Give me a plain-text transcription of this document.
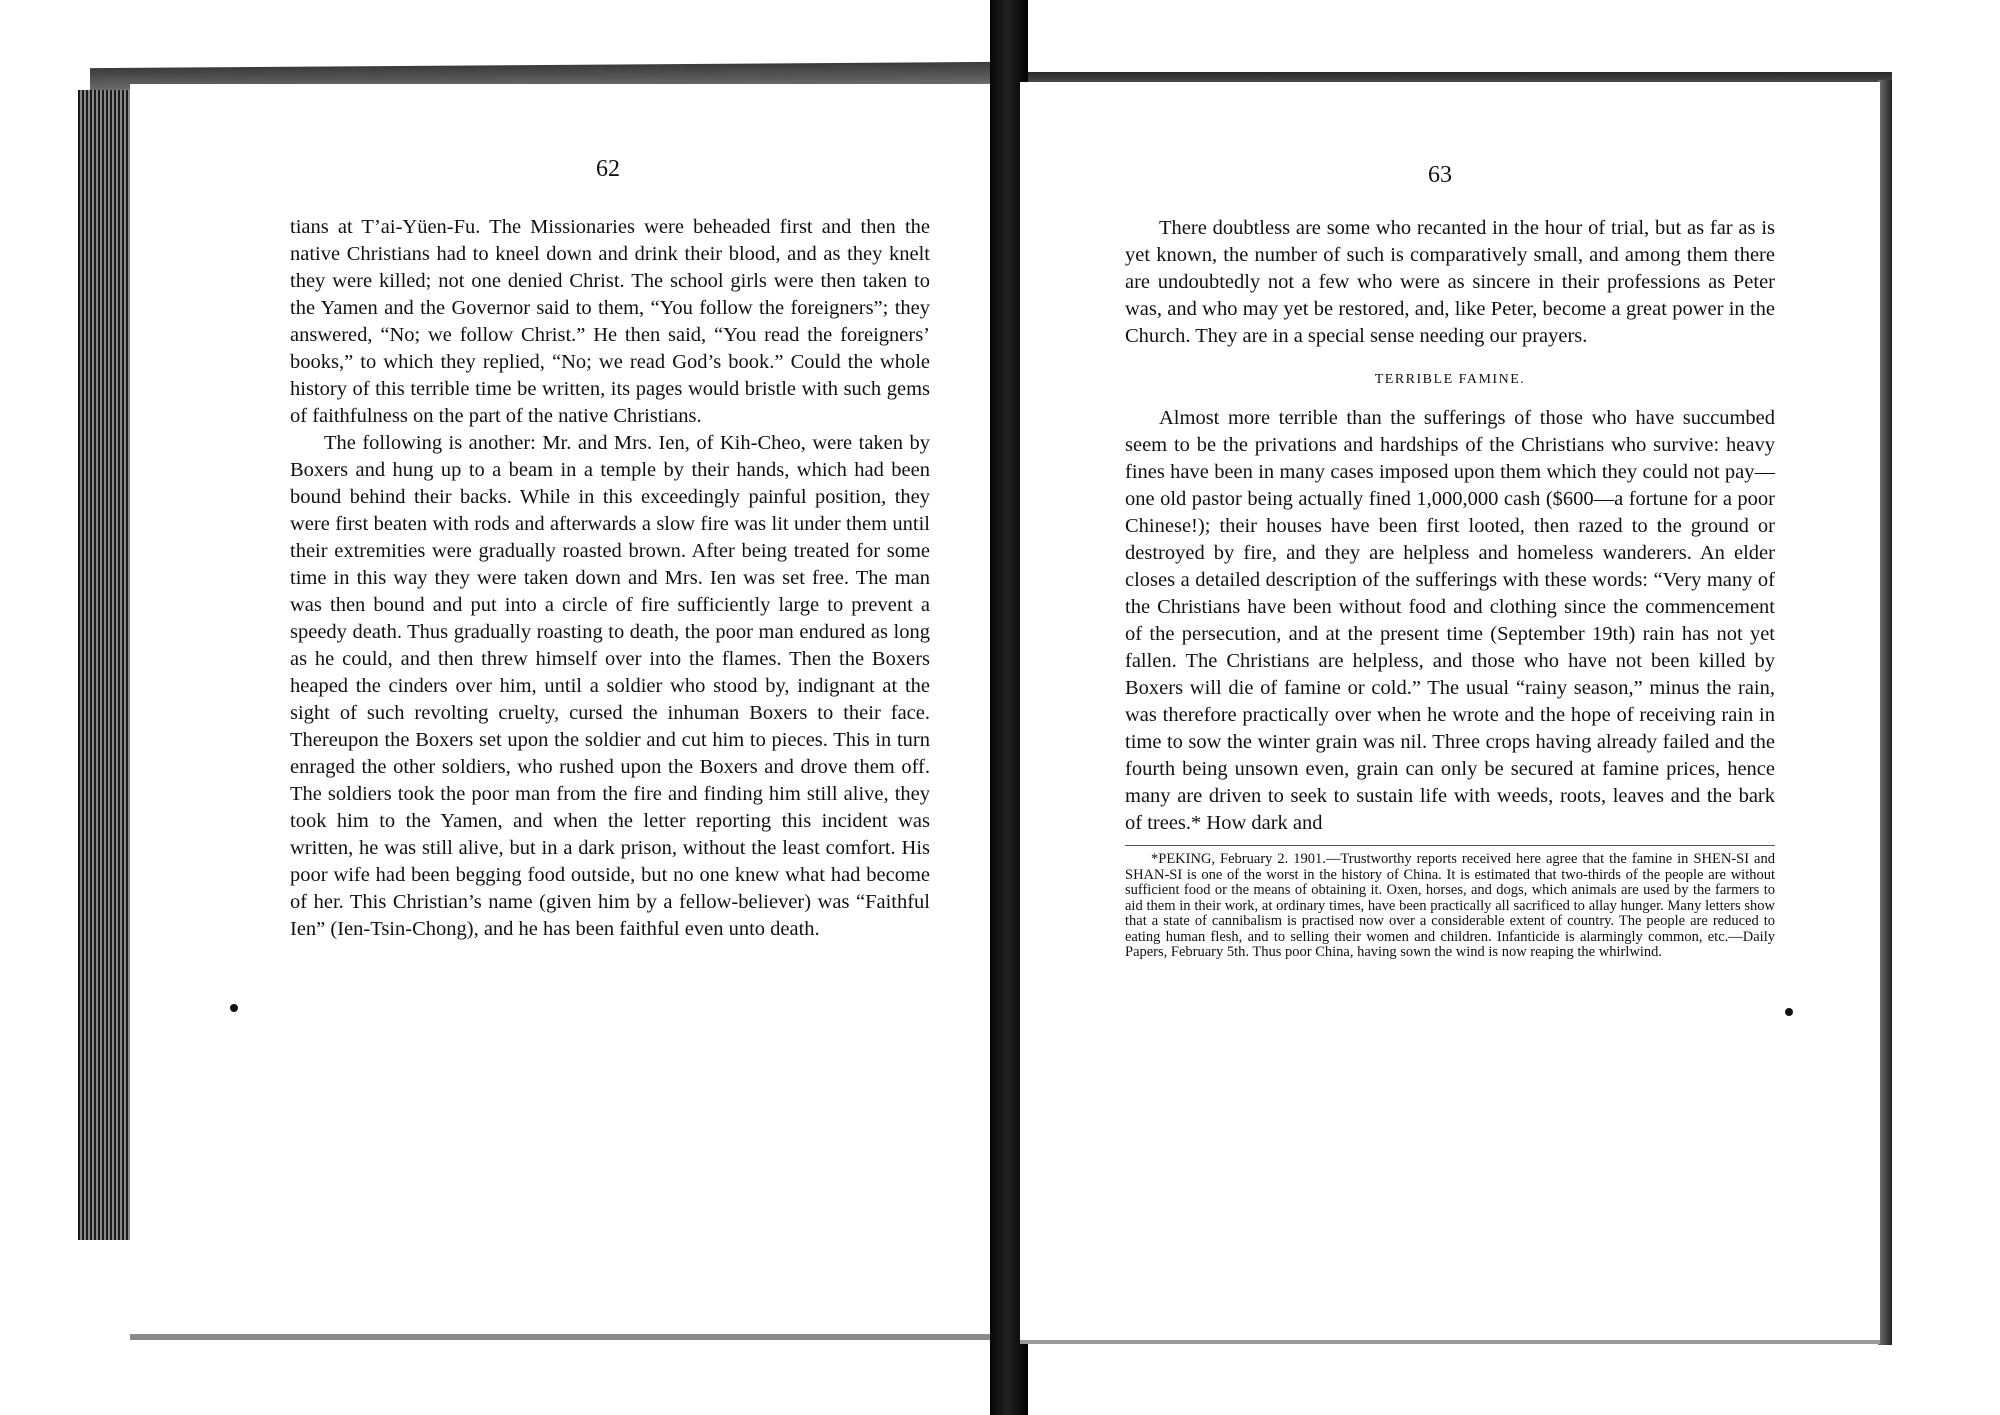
62

tians at T’ai-Yüen-Fu. The Missionaries were beheaded first and then the native Christians had to kneel down and drink their blood, and as they knelt they were killed; not one denied Christ. The school girls were then taken to the Yamen and the Governor said to them, “You follow the foreigners”; they answered, “No; we follow Christ.” He then said, “You read the foreigners’ books,” to which they replied, “No; we read God’s book.” Could the whole history of this terrible time be written, its pages would bristle with such gems of faithfulness on the part of the native Christians.

The following is another: Mr. and Mrs. Ien, of Kih-Cheo, were taken by Boxers and hung up to a beam in a temple by their hands, which had been bound behind their backs. While in this exceedingly painful position, they were first beaten with rods and afterwards a slow fire was lit under them until their extremities were gradually roasted brown. After being treated for some time in this way they were taken down and Mrs. Ien was set free. The man was then bound and put into a circle of fire sufficiently large to prevent a speedy death. Thus gradually roasting to death, the poor man endured as long as he could, and then threw himself over into the flames. Then the Boxers heaped the cinders over him, until a soldier who stood by, indignant at the sight of such revolting cruelty, cursed the inhuman Boxers to their face. Thereupon the Boxers set upon the soldier and cut him to pieces. This in turn enraged the other soldiers, who rushed upon the Boxers and drove them off. The soldiers took the poor man from the fire and finding him still alive, they took him to the Yamen, and when the letter reporting this incident was written, he was still alive, but in a dark prison, without the least comfort. His poor wife had been begging food outside, but no one knew what had become of her. This Christian’s name (given him by a fellow-believer) was “Faithful Ien” (Ien-Tsin-Chong), and he has been faithful even unto death.

63

There doubtless are some who recanted in the hour of trial, but as far as is yet known, the number of such is comparatively small, and among them there are undoubtedly not a few who were as sincere in their professions as Peter was, and who may yet be restored, and, like Peter, become a great power in the Church. They are in a special sense needing our prayers.

TERRIBLE FAMINE.

Almost more terrible than the sufferings of those who have succumbed seem to be the privations and hardships of the Christians who survive: heavy fines have been in many cases imposed upon them which they could not pay—one old pastor being actually fined 1,000,000 cash ($600—a fortune for a poor Chinese!); their houses have been first looted, then razed to the ground or destroyed by fire, and they are helpless and homeless wanderers. An elder closes a detailed description of the sufferings with these words: “Very many of the Christians have been without food and clothing since the commencement of the persecution, and at the present time (September 19th) rain has not yet fallen. The Christians are helpless, and those who have not been killed by Boxers will die of famine or cold.” The usual “rainy season,” minus the rain, was therefore practically over when he wrote and the hope of receiving rain in time to sow the winter grain was nil. Three crops having already failed and the fourth being unsown even, grain can only be secured at famine prices, hence many are driven to seek to sustain life with weeds, roots, leaves and the bark of trees.* How dark and

*PEKING, February 2. 1901.—Trustworthy reports received here agree that the famine in SHEN-SI and SHAN-SI is one of the worst in the history of China. It is estimated that two-thirds of the people are without sufficient food or the means of obtaining it. Oxen, horses, and dogs, which animals are used by the farmers to aid them in their work, at ordinary times, have been practically all sacrificed to allay hunger. Many letters show that a state of cannibalism is practised now over a considerable extent of country. The people are reduced to eating human flesh, and to selling their women and children. Infanticide is alarmingly common, etc.—Daily Papers, February 5th. Thus poor China, having sown the wind is now reaping the whirlwind.
